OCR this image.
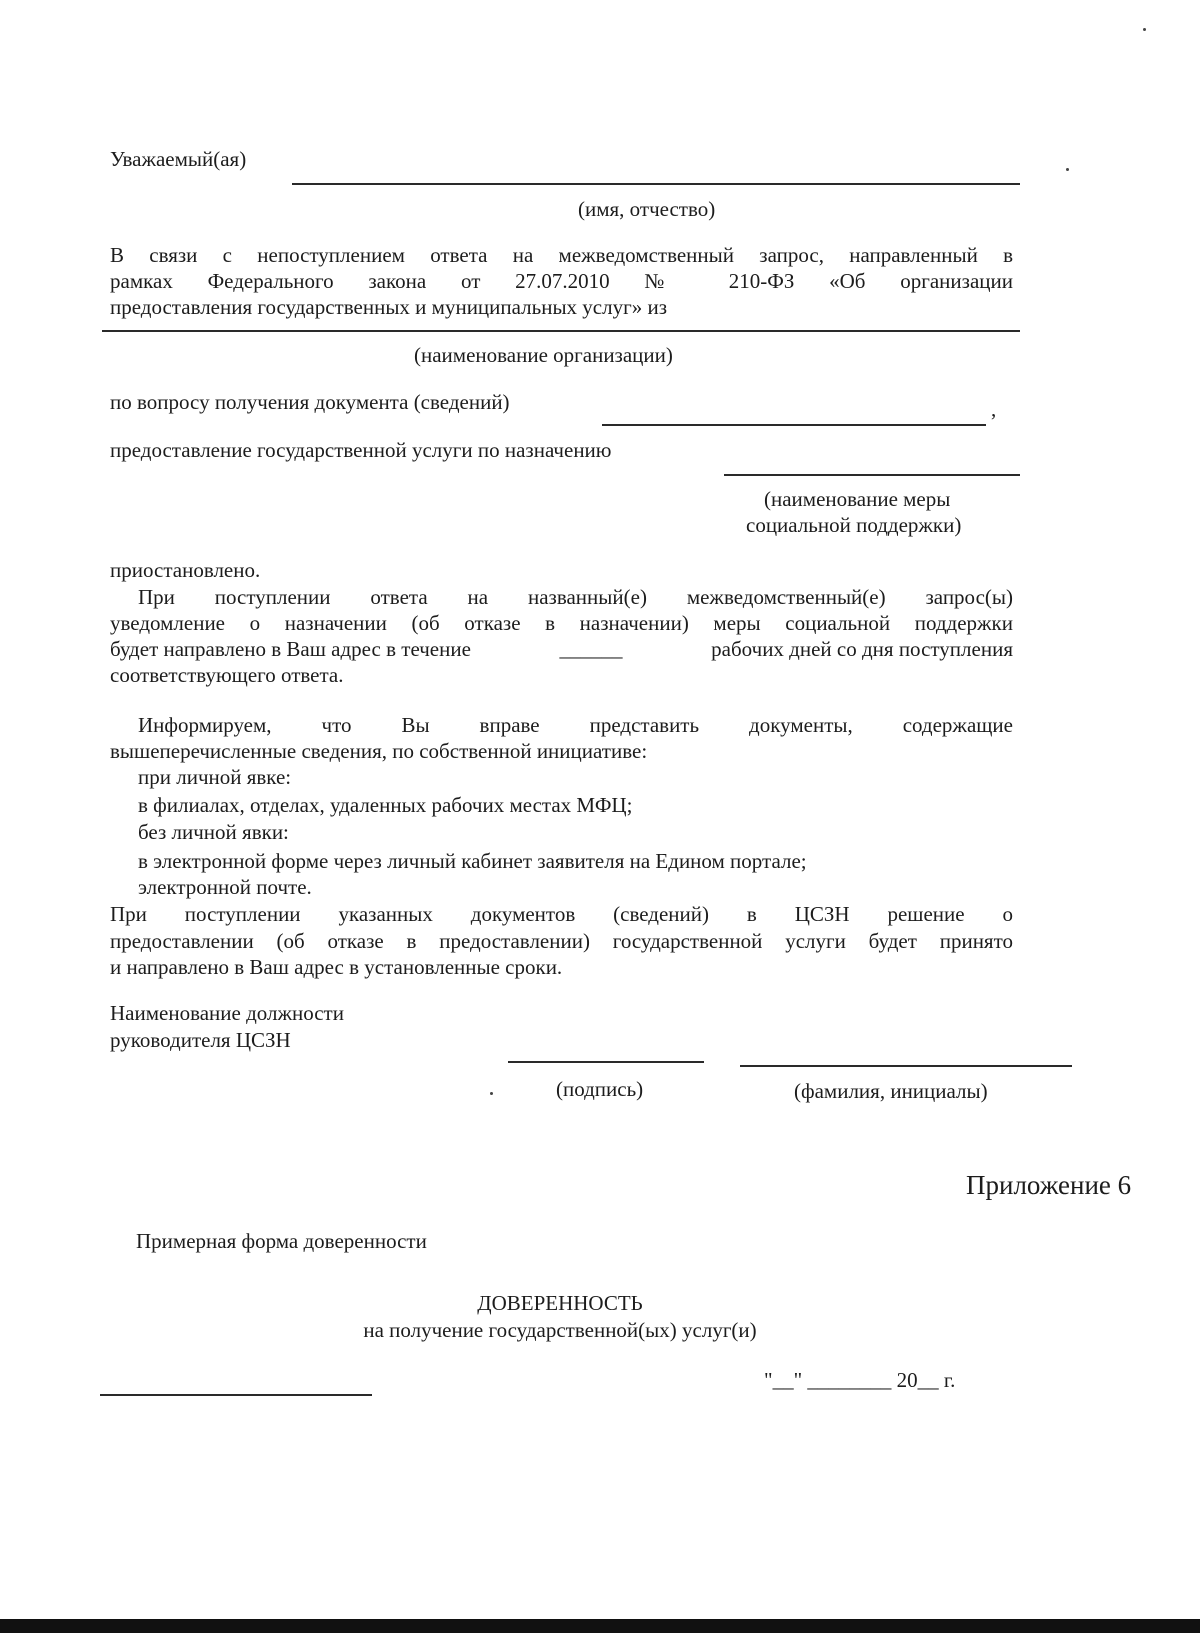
Уважаемый(ая)
(имя, отчество)
В связи с непоступлением ответа на межведомственный запрос, направленный в
рамках Федерального закона от 27.07.2010 № 210-ФЗ «Об организации
предоставления государственных и муниципальных услуг» из
(наименование организации)
по вопросу получения документа (сведений)	,
предоставление государственной услуги по назначению
(наименование меры
социальной поддержки)
приостановлено.
При поступлении ответа на названный(е) межведомственный(е) запрос(ы)
уведомление о назначении (об отказе в назначении) меры социальной поддержки
будет направлено в Ваш адрес в течение	______	рабочих дней со дня поступления
соответствующего ответа.
Информируем, что Вы вправе представить документы, содержащие
вышеперечисленные сведения, по собственной инициативе:
при личной явке:
в филиалах, отделах, удаленных рабочих местах МФЦ;
без личной явки:
в электронной форме через личный кабинет заявителя на Едином портале;
электронной почте.
При поступлении указанных документов (сведений) в ЦСЗН решение о
предоставлении (об отказе в предоставлении) государственной услуги будет принято
и направлено в Ваш адрес в установленные сроки.
Наименование должности
руководителя ЦСЗН
(подпись)	(фамилия, инициалы)
Приложение 6
Примерная форма доверенности
ДОВЕРЕННОСТЬ
на получение государственной(ых) услуг(и)
"__" ________ 20__ г.
